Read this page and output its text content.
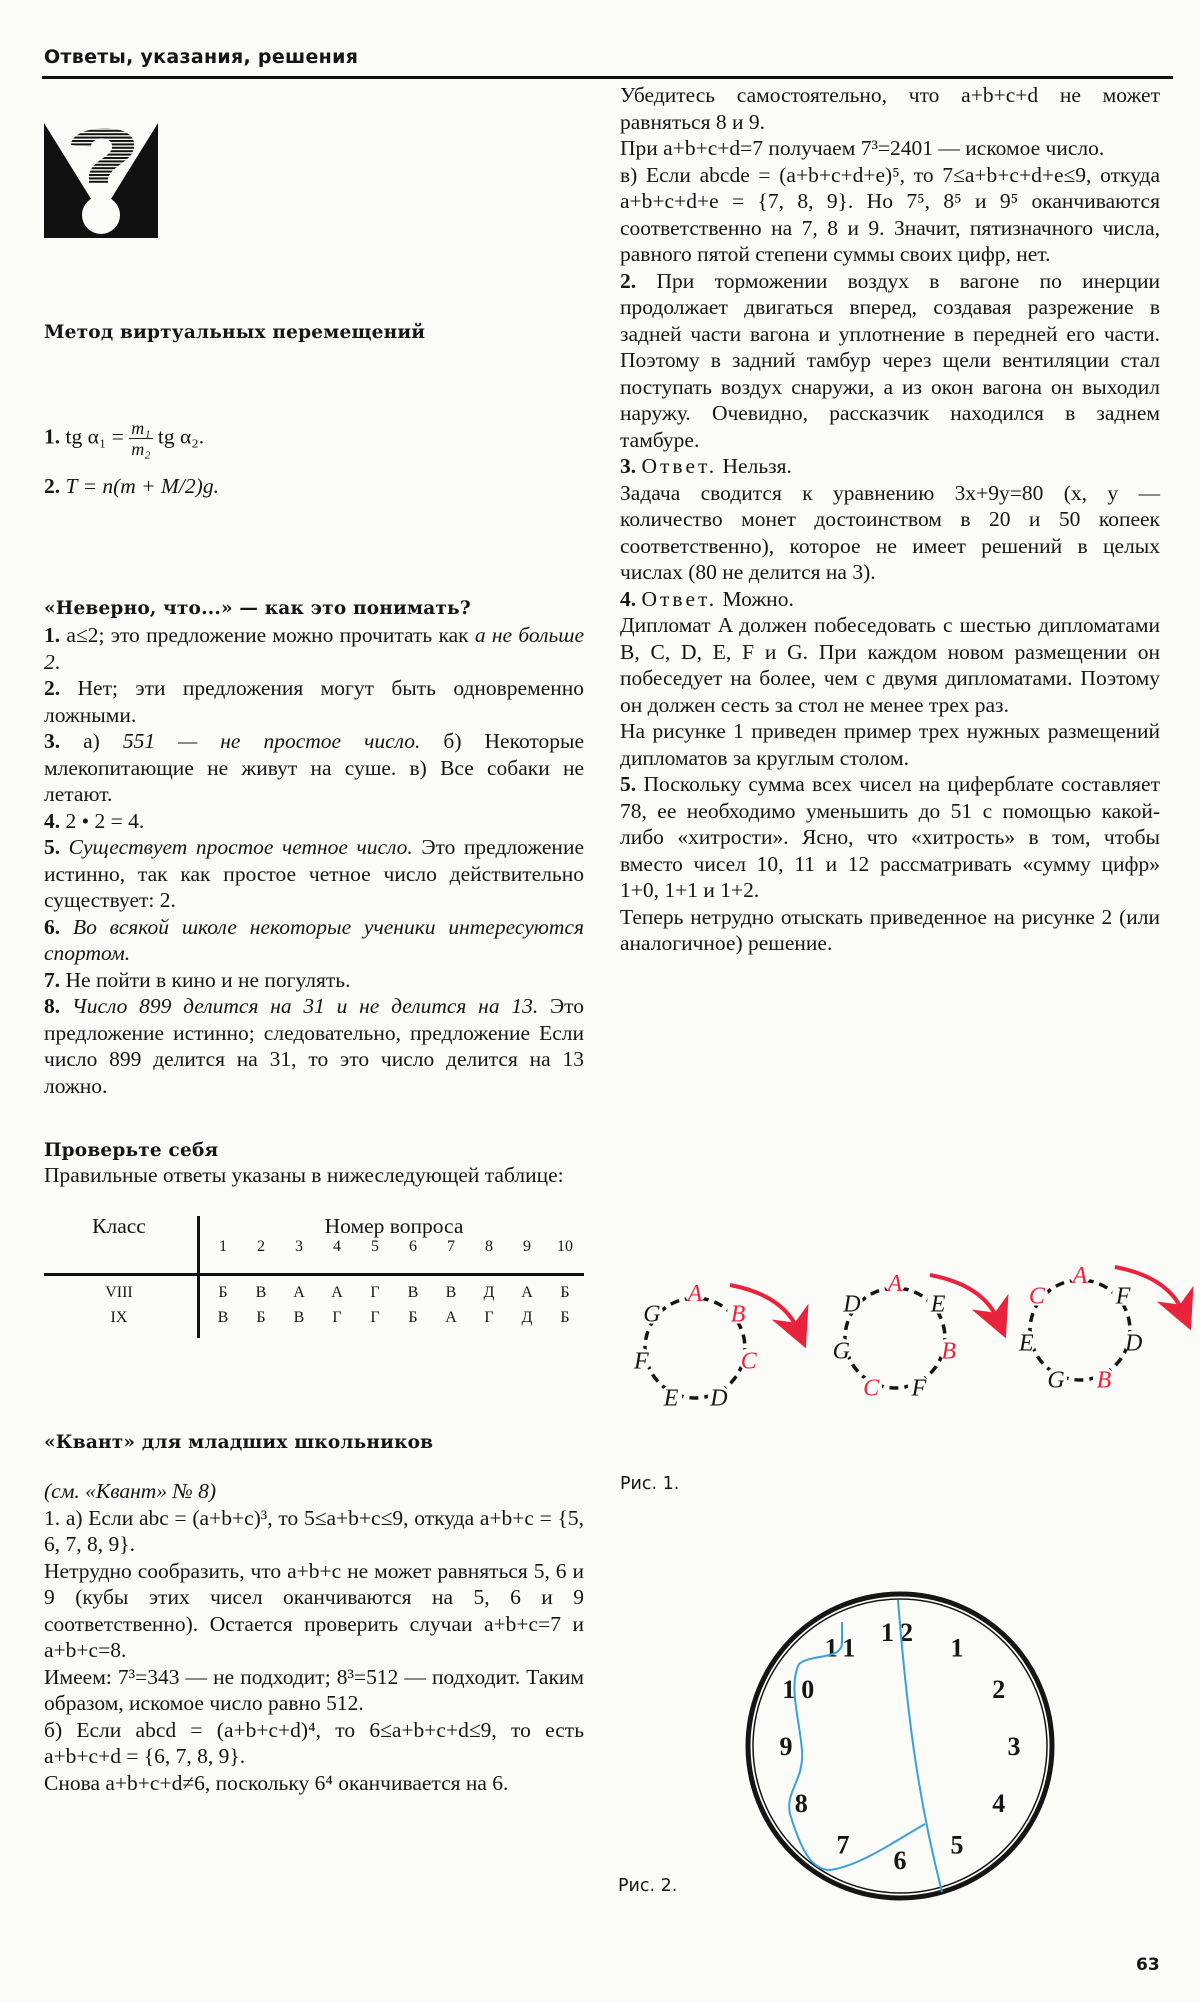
Ответы, указания, решения
Метод виртуальных перемещений

1. tg $\alpha_1 = \frac{\text{m₁}}{\text{m₂}}$ tg α₂.

2. T = n(m + M/2)g.

«Неверно, что...» — как это понимать?

1. a≤2; это предложение можно прочитать как a не больше 2.

2. Нет; эти предложения могут быть одновременно ложными.

3. а) 551 — не простое число. б) Некоторые млекопитающие не живут на суше. в) Все собаки не летают.

4. 2 • 2 = 4.

5. Существует простое четное число. Это предложение истинно, так как простое четное число действительно существует: 2.

6. Во всякой школе некоторые ученики интересуются спортом.

7. Не пойти в кино и не погулять.

8. Число 899 делится на 31 и не делится на 13. Это предложение истинно; следовательно, предложение Если число 899 делится на 31, то это число делится на 13 ложно.

Проверьте себя

Правильные ответы указаны в нижеследующей таблице:

Класс	Номер вопроса
1	2	3	4	5	6	7	8	9	10
VIII	Б	В	А	А	Г	В	В	Д	А	Б
IX	В	Б	В	Г	Г	Б	А	Г	Д	Б
«Квант» для младших школьников

(см. «Квант» № 8)

1. а) Если abc = (a+b+c)³, то 5≤a+b+c≤9, откуда a+b+c = {5, 6, 7, 8, 9}.

Нетрудно сообразить, что a+b+c не может равняться 5, 6 и 9 (кубы этих чисел оканчиваются на 5, 6 и 9 соответственно). Остается проверить случаи a+b+c=7 и a+b+c=8.

Имеем: 7³=343 — не подходит; 8³=512 — подходит. Таким образом, искомое число равно 512.

б) Если abcd = (a+b+c+d)⁴, то 6≤a+b+c+d≤9, то есть a+b+c+d = {6, 7, 8, 9}.

Снова a+b+c+d≠6, поскольку 6⁴ оканчивается на 6.

Убедитесь самостоятельно, что a+b+c+d не может равняться 8 и 9.

При a+b+c+d=7 получаем 7³=2401 — искомое число.

в) Если abcde = (a+b+c+d+e)⁵, то 7≤a+b+c+d+e≤9, откуда a+b+c+d+e = {7, 8, 9}. Но 7⁵, 8⁵ и 9⁵ оканчиваются соответственно на 7, 8 и 9. Значит, пятизначного числа, равного пятой степени суммы своих цифр, нет.

2. При торможении воздух в вагоне по инерции продолжает двигаться вперед, создавая разрежение в задней части вагона и уплотнение в передней его части. Поэтому в задний тамбур через щели вентиляции стал поступать воздух снаружи, а из окон вагона он выходил наружу. Очевидно, рассказчик находился в заднем тамбуре.

3. Ответ. Нельзя.

Задача сводится к уравнению 3x+9y=80 (x, y — количество монет достоинством в 20 и 50 копеек соответственно), которое не имеет решений в целых числах (80 не делится на 3).

4. Ответ. Можно.

Дипломат A должен побеседовать с шестью дипломатами B, C, D, E, F и G. При каждом новом размещении он побеседует на более, чем с двумя дипломатами. Поэтому он должен сесть за стол не менее трех раз.

На рисунке 1 приведен пример трех нужных размещений дипломатов за круглым столом.

5. Поскольку сумма всех чисел на циферблате составляет 78, ее необходимо уменьшить до 51 с помощью какой-либо «хитрости». Ясно, что «хитрость» в том, чтобы вместо чисел 10, 11 и 12 рассматривать «сумму цифр» 1+0, 1+1 и 1+2.

Теперь нетрудно отыскать приведенное на рисунке 2 (или аналогичное) решение.

A
B
C
D
E
F
G
A
E
B
F
C
G
D
A
F
D
B
G
E
C
Рис. 1.
12
1
2
3
4
5
6
7
8
9
10
11
Рис. 2.
63
